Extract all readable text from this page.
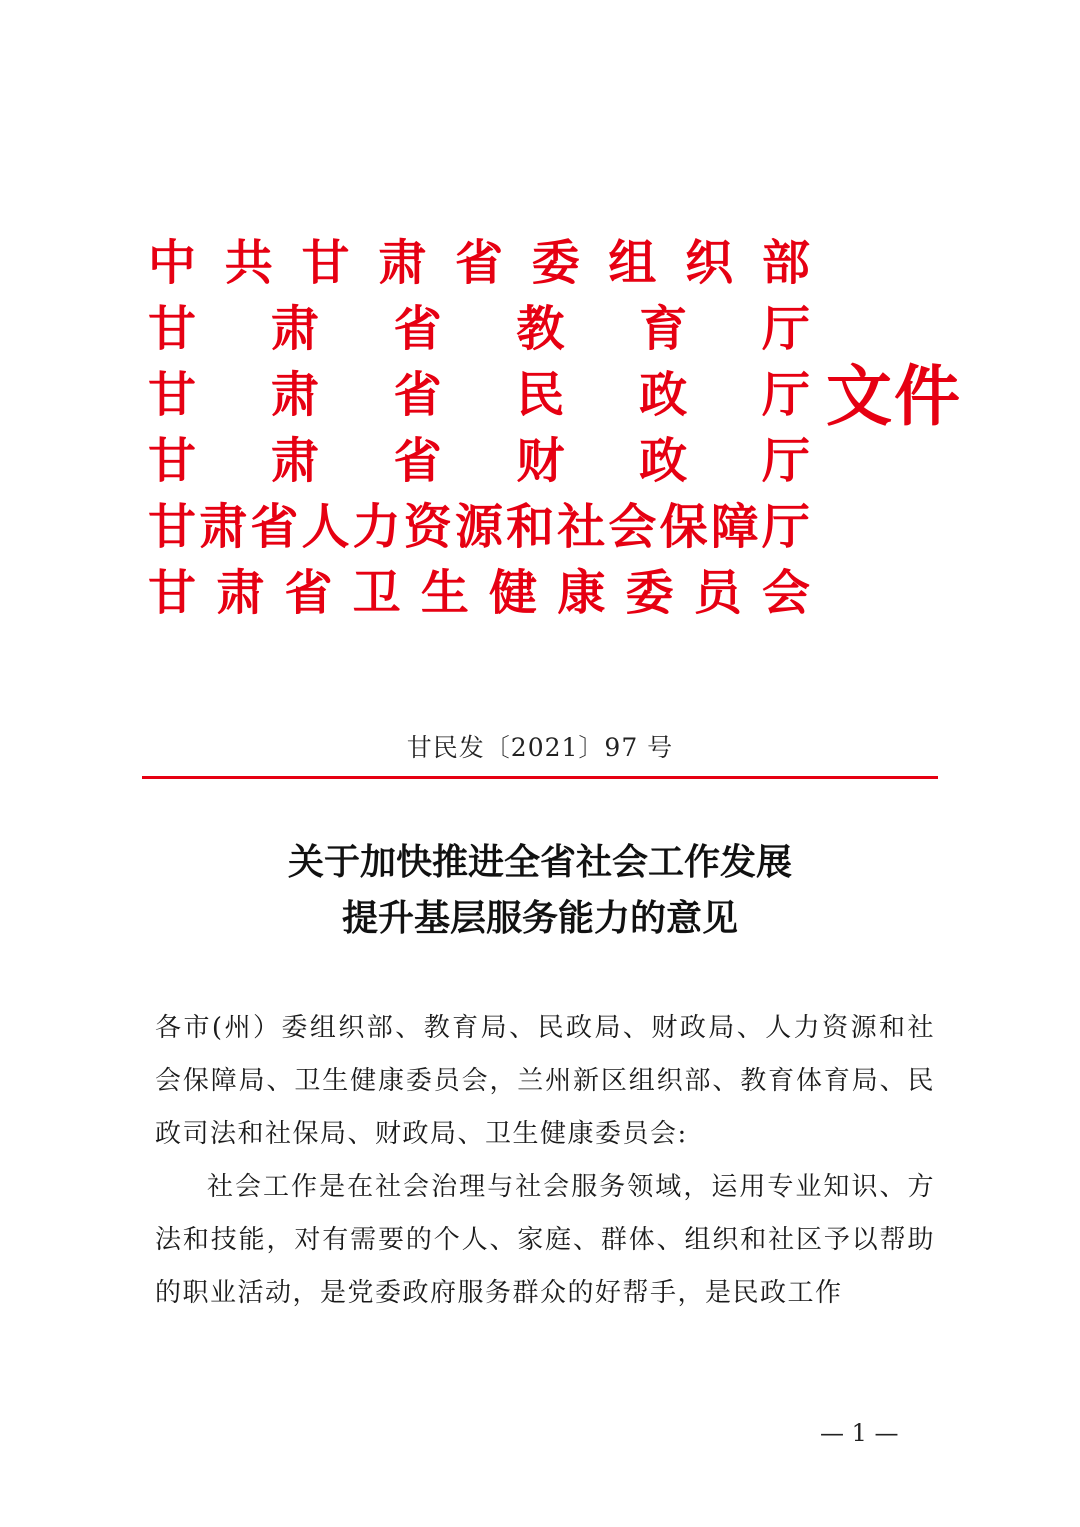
中 共 甘 肃 省 委 组 织 部
甘 肃 省 教 育 厅
甘 肃 省 民 政 厅
甘 肃 省 财 政 厅
甘 肃 省 人 力 资 源 和 社 会 保 障 厅
甘 肃 省 卫 生 健 康 委 员 会
文件
甘民发〔2021〕97 号
关于加快推进全省社会工作发展
提升基层服务能力的意见

各市(州）委组织部、教育局、民政局、财政局、人力资源和社会保障局、卫生健康委员会，兰州新区组织部、教育体育局、民政司法和社保局、财政局、卫生健康委员会:

社会工作是在社会治理与社会服务领域，运用专业知识、方法和技能，对有需要的个人、家庭、群体、组织和社区予以帮助的职业活动，是党委政府服务群众的好帮手，是民政工作

— 1 —
